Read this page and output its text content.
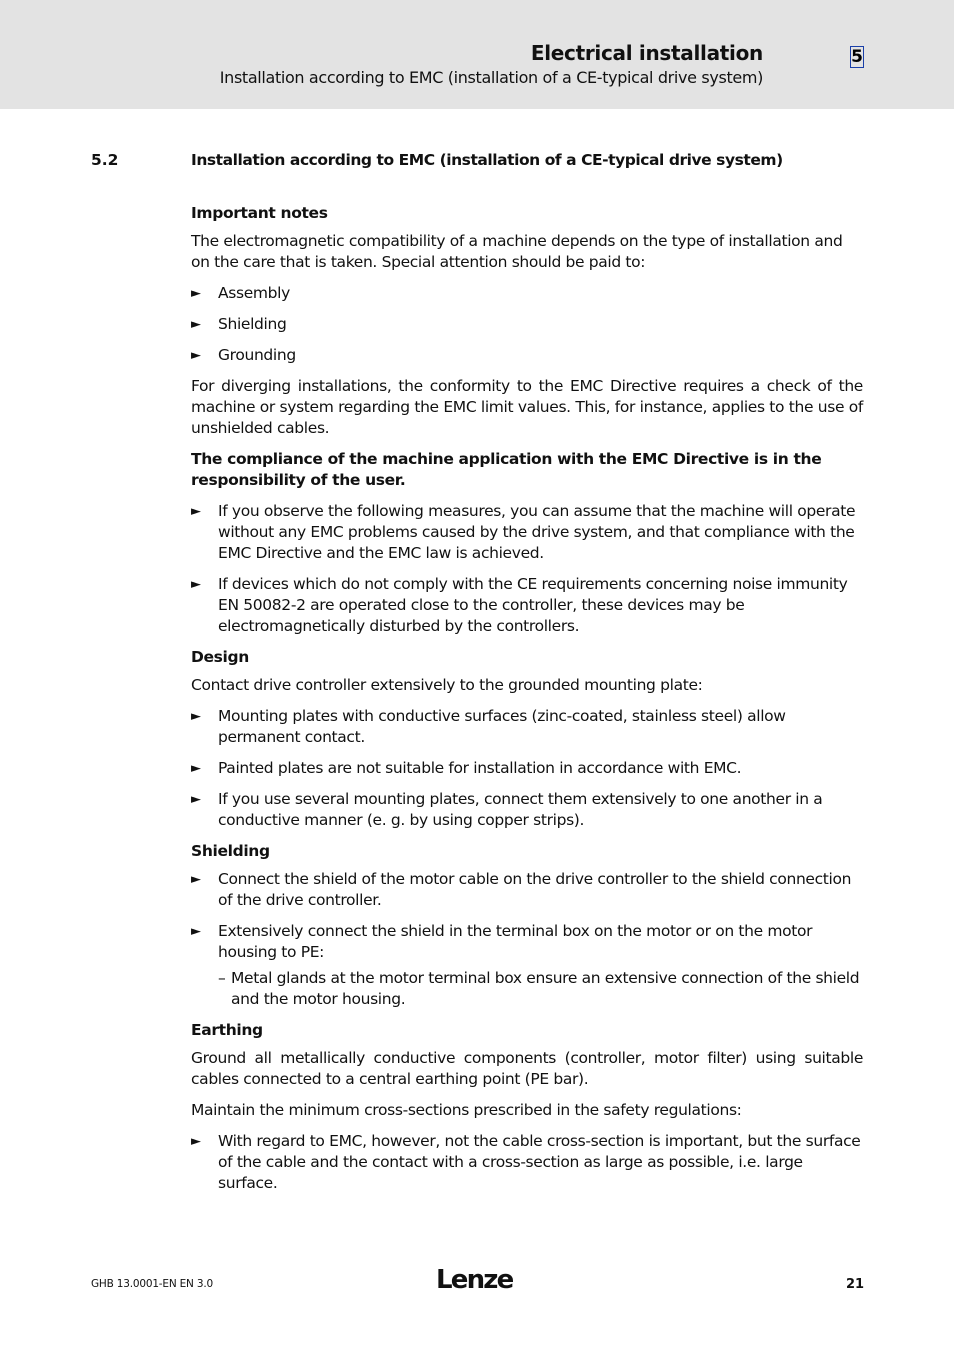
Electrical installation
Installation according to EMC (installation of a CE-typical drive system)
5
5.2	Installation according to EMC (installation of a CE-typical drive system)
Important notes

The electromagnetic compatibility of a machine depends on the type of installation and on the care that is taken. Special attention should be paid to:

► Assembly
► Shielding
► Grounding

For diverging installations, the conformity to the EMC Directive requires a check of the machine or system regarding the EMC limit values. This, for instance, applies to the use of unshielded cables.

The compliance of the machine application with the EMC Directive is in the responsibility of the user.

► If you observe the following measures, you can assume that the machine will operate without any EMC problems caused by the drive system, and that compliance with the EMC Directive and the EMC law is achieved.
► If devices which do not comply with the CE requirements concerning noise immunity EN 50082-2 are operated close to the controller, these devices may be electromagnetically disturbed by the controllers.
Design

Contact drive controller extensively to the grounded mounting plate:

► Mounting plates with conductive surfaces (zinc-coated, stainless steel) allow permanent contact.
► Painted plates are not suitable for installation in accordance with EMC.
► If you use several mounting plates, connect them extensively to one another in a conductive manner (e. g. by using copper strips).
Shielding
► Connect the shield of the motor cable on the drive controller to the shield connection of the drive controller.
► Extensively connect the shield in the terminal box on the motor or on the motor housing to PE:
– Metal glands at the motor terminal box ensure an extensive connection of the shield and the motor housing.
Earthing

Ground all metallically conductive components (controller, motor filter) using suitable cables connected to a central earthing point (PE bar).

Maintain the minimum cross-sections prescribed in the safety regulations:

► With regard to EMC, however, not the cable cross-section is important, but the surface of the cable and the contact with a cross-section as large as possible, i.e. large surface.
GHB 13.0001-EN EN 3.0	Lenze	21
